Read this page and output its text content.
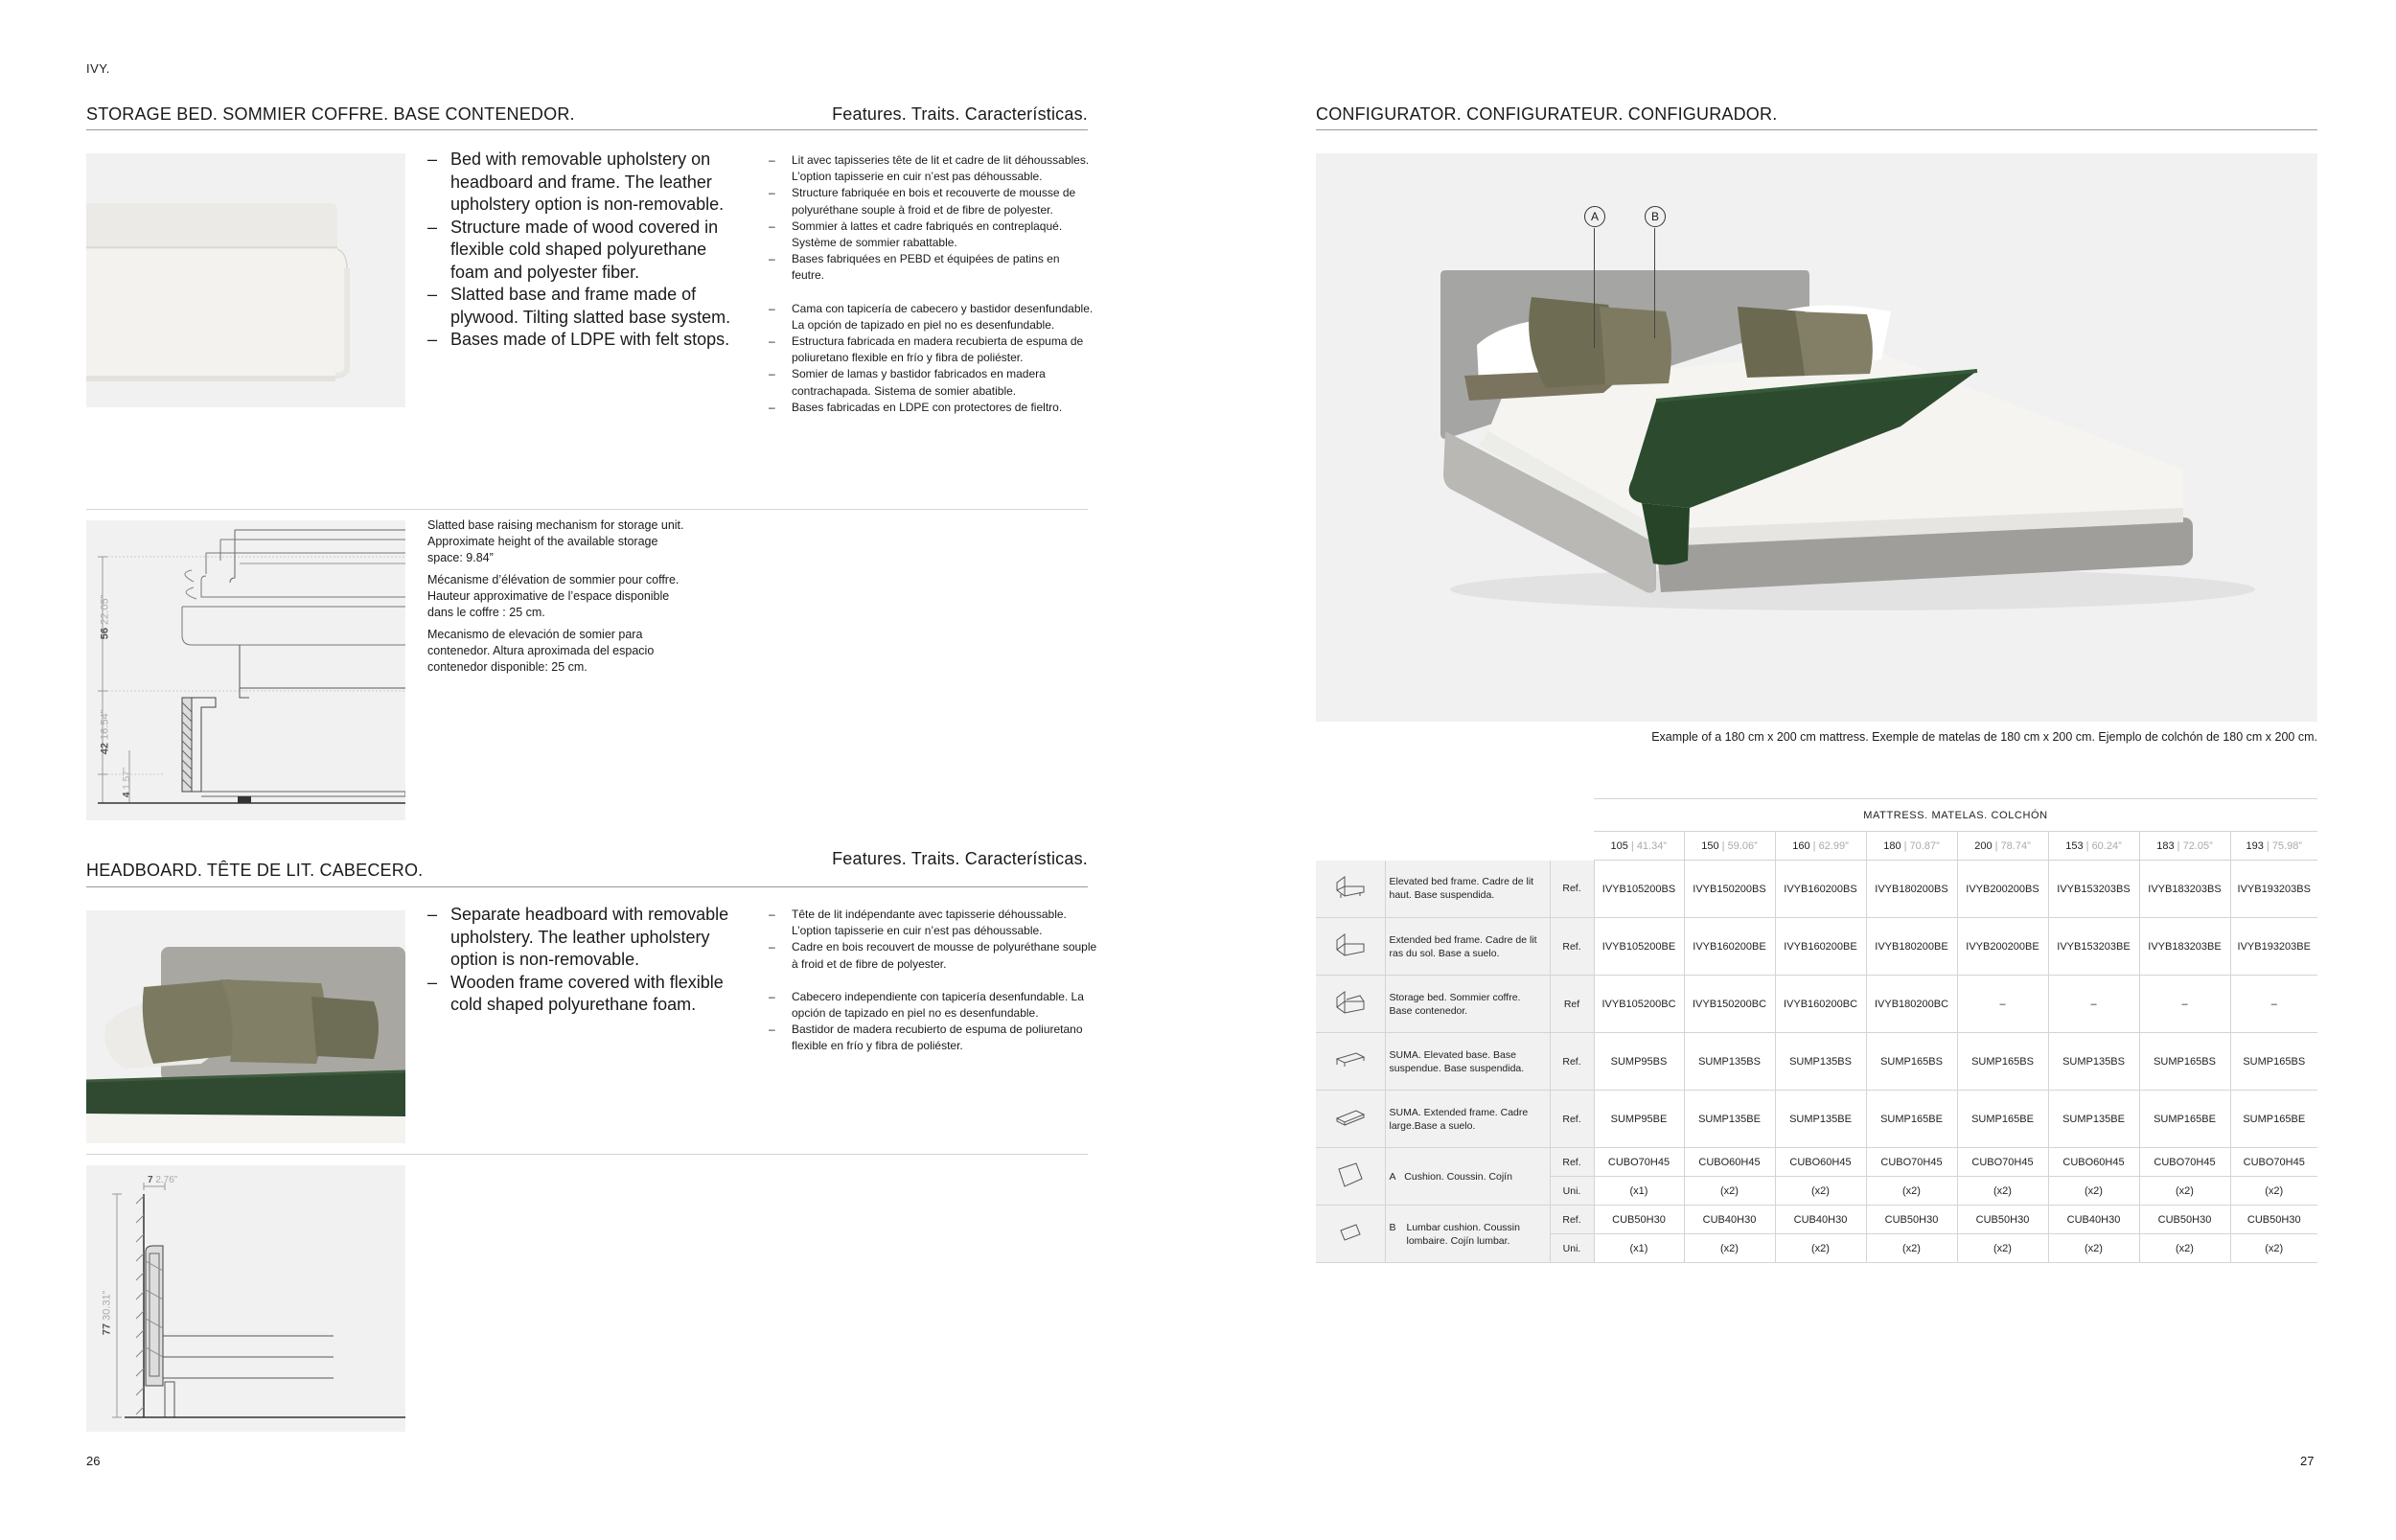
IVY.
STORAGE BED. SOMMIER COFFRE. BASE CONTENEDOR.	Features. Traits. Características.
– Bed with removable upholstery on headboard and frame. The leather upholstery option is non-removable.
– Structure made of wood covered in flexible cold shaped polyurethane foam and polyester fiber.
– Slatted base and frame made of plywood. Tilting slatted base system.
– Bases made of LDPE with felt stops.
– Lit avec tapisseries tête de lit et cadre de lit déhoussables. L’option tapisserie en cuir n’est pas déhoussable.
– Structure fabriquée en bois et recouverte de mousse de polyuréthane souple à froid et de fibre de polyester.
– Sommier à lattes et cadre fabriqués en contreplaqué. Système de sommier rabattable.
– Bases fabriquées en PEBD et équipées de patins en feutre.
– Cama con tapicería de cabecero y bastidor desenfundable. La opción de tapizado en piel no es desenfundable.
– Estructura fabricada en madera recubierta de espuma de poliuretano flexible en frío y fibra de poliéster.
– Somier de lamas y bastidor fabricados en madera contrachapada. Sistema de somier abatible.
– Bases fabricadas en LDPE con protectores de fieltro.
56 22.05”
42 16.54”
4 1.57”

Slatted base raising mechanism for storage unit. Approximate height of the available storage space: 9.84”

Mécanisme d’élévation de sommier pour coffre. Hauteur approximative de l’espace disponible dans le coffre : 25 cm.

Mecanismo de elevación de somier para contenedor. Altura aproximada del espacio contenedor disponible: 25 cm.

HEADBOARD. TÊTE DE LIT. CABECERO.
Features. Traits. Características.
– Separate headboard with removable upholstery. The leather upholstery option is non-removable.
– Wooden frame covered with flexible cold shaped polyurethane foam.
– Tête de lit indépendante avec tapisserie déhoussable. L’option tapisserie en cuir n’est pas déhoussable.
– Cadre en bois recouvert de mousse de polyuréthane souple à froid et de fibre de polyester.
– Cabecero independiente con tapicería desenfundable. La opción de tapizado en piel no es desenfundable.
– Bastidor de madera recubierto de espuma de poliuretano flexible en frío y fibra de poliéster.
7 2.76”
77 30.31”
26
CONFIGURATOR. CONFIGURATEUR. CONFIGURADOR.
A	B
Example of a 180 cm x 200 cm mattress. Exemple de matelas de 180 cm x 200 cm. Ejemplo de colchón de 180 cm x 200 cm.
			MATTRESS. MATELAS. COLCHÓN							
			105 | 41.34”	150 | 59.06”	160 | 62.99”	180 | 70.87”	200 | 78.74”	153 | 60.24”	183 | 72.05”	193 | 75.98”
	Elevated bed frame. Cadre de lit haut. Base suspendida.	Ref.	IVYB105200BS	IVYB150200BS	IVYB160200BS	IVYB180200BS	IVYB200200BS	IVYB153203BS	IVYB183203BS	IVYB193203BS
	Extended bed frame. Cadre de lit ras du sol. Base a suelo.	Ref.	IVYB105200BE	IVYB160200BE	IVYB160200BE	IVYB180200BE	IVYB200200BE	IVYB153203BE	IVYB183203BE	IVYB193203BE
	Storage bed. Sommier coffre. Base contenedor.	Ref	IVYB105200BC	IVYB150200BC	IVYB160200BC	IVYB180200BC	–	–	–	–
	SUMA. Elevated base. Base suspendue. Base suspendida.	Ref.	SUMP95BS	SUMP135BS	SUMP135BS	SUMP165BS	SUMP165BS	SUMP135BS	SUMP165BS	SUMP165BS
	SUMA. Extended frame. Cadre large.Base a suelo.	Ref.	SUMP95BE	SUMP135BE	SUMP135BE	SUMP165BE	SUMP165BE	SUMP135BE	SUMP165BE	SUMP165BE
	A Cushion. Coussin. Cojín	Ref.	CUBO70H45	CUBO60H45	CUBO60H45	CUBO70H45	CUBO70H45	CUBO60H45	CUBO70H45	CUBO70H45
		Uni.	(x1)	(x2)	(x2)	(x2)	(x2)	(x2)	(x2)	(x2)

B Lumbar cushion. Coussin lombaire. Cojín lumbar.	Ref.	CUB50H30	CUB40H30	CUB40H30	CUB50H30	CUB50H30	CUB40H30	CUB50H30	CUB50H30
		Uni.	(x1)	(x2)	(x2)	(x2)	(x2)	(x2)	(x2)	(x2)
27
